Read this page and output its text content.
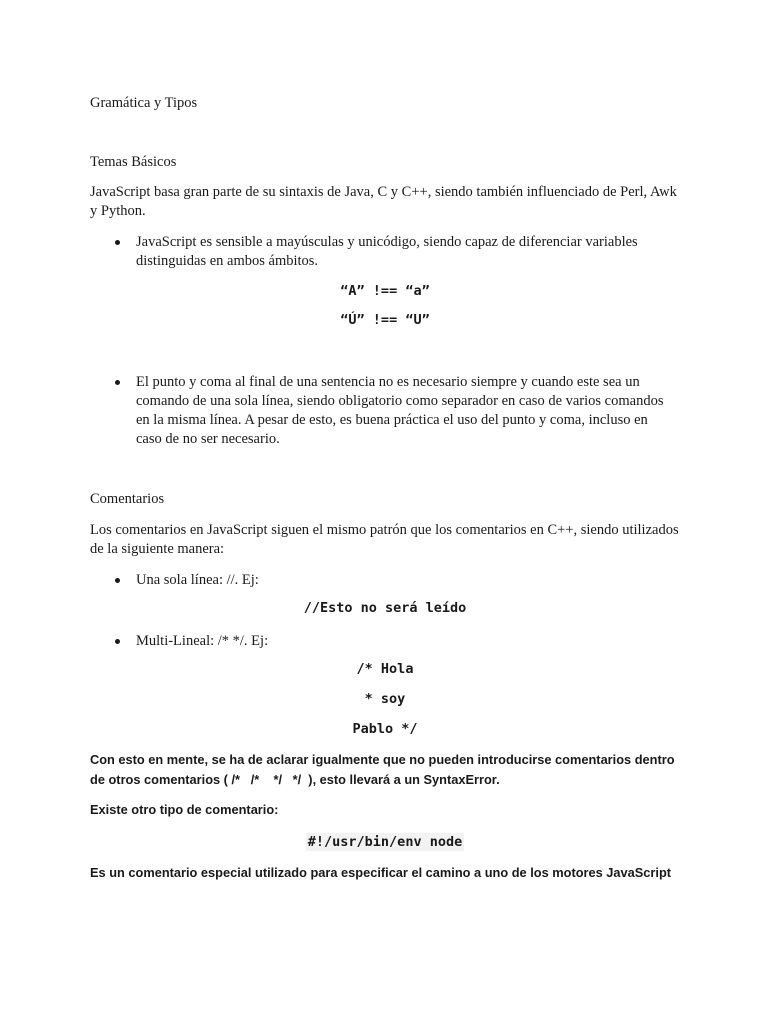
Gramática y Tipos

Temas Básicos

JavaScript basa gran parte de su sintaxis de Java, C y C++, siendo también influenciado de Perl, Awk y Python.

JavaScript es sensible a mayúsculas y unicódigo, siendo capaz de diferenciar variables distinguidas en ambos ámbitos.
“A” !== “a”
“Ú” !== “U”
El punto y coma al final de una sentencia no es necesario siempre y cuando este sea un comando de una sola línea, siendo obligatorio como separador en caso de varios comandos en la misma línea. A pesar de esto, es buena práctica el uso del punto y coma, incluso en caso de no ser necesario.

Comentarios

Los comentarios en JavaScript siguen el mismo patrón que los comentarios en C++, siendo utilizados de la siguiente manera:

Una sola línea: //. Ej:
//Esto no será leído
Multi-Lineal: /* */. Ej:
/* Hola
* soy
Pablo */
Con esto en mente, se ha de aclarar igualmente que no pueden introducirse comentarios dentro de otros comentarios ( /*   /*    */   */  ), esto llevará a un SyntaxError.
Existe otro tipo de comentario:
#!/usr/bin/env node
Es un comentario especial utilizado para especificar el camino a uno de los motores JavaScript
